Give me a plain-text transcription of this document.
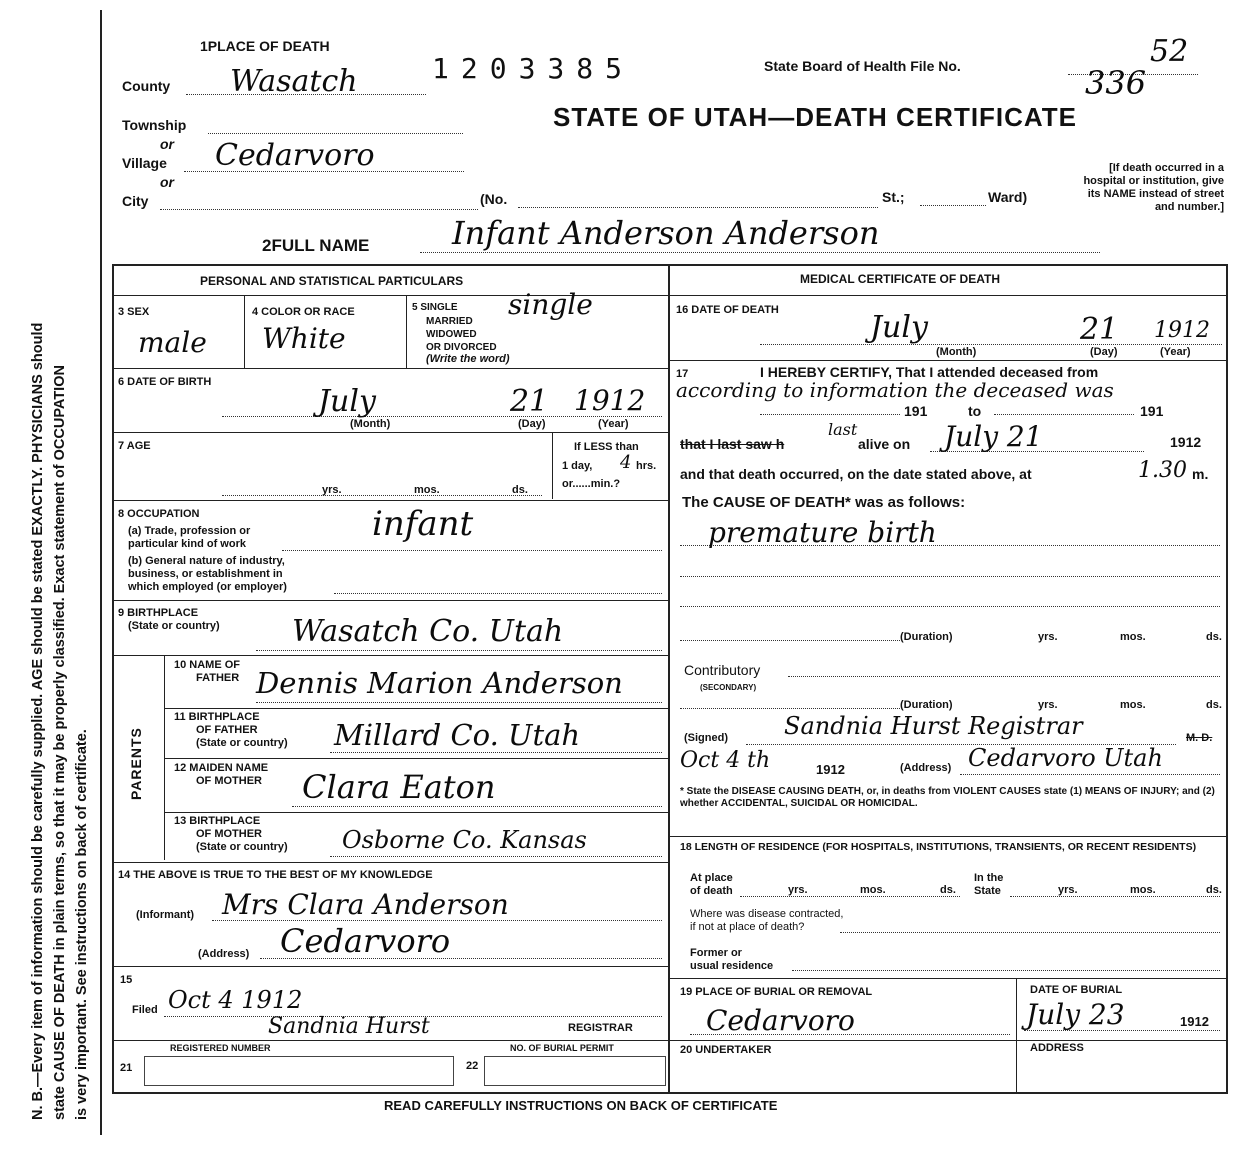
N. B.—Every item of information should be carefully supplied. AGE should be stated EXACTLY. PHYSICIANS should state CAUSE OF DEATH in plain terms, so that it may be properly classified. Exact statement of OCCUPATION is very important. See instructions on back of certificate.
1PLACE OF DEATH
County Wasatch	1203385	State Board of Health File No.	52
336
Township
or
STATE OF UTAH—DEATH CERTIFICATE
Village Cedarvoro
or
[If death occurred in a hospital or institution, give its NAME instead of street and number.]
City	(No.	St.;	Ward)
2FULL NAME	Infant Anderson Anderson
PERSONAL AND STATISTICAL PARTICULARS
3 SEX
male
4 COLOR OR RACE
White
5 SINGLE
MARRIED
WIDOWED
OR DIVORCED
(Write the word)
single
6 DATE OF BIRTH
July	21 1912
(Month)	(Day)	(Year)
7 AGE
yrs.	mos.	ds.
If LESS than
1 day, 4 hrs.
or......min.?
8 OCCUPATION
(a) Trade, profession or
particular kind of work
(b) General nature of industry,
business, or establishment in
which employed (or employer)
infant
9 BIRTHPLACE
(State or country) Wasatch Co. Utah
PARENTS
10 NAME OF
FATHER Dennis Marion Anderson
11 BIRTHPLACE
OF FATHER
(State or country) Millard Co. Utah
12 MAIDEN NAME
OF MOTHER Clara Eaton
13 BIRTHPLACE
OF MOTHER
(State or country) Osborne Co. Kansas
14 THE ABOVE IS TRUE TO THE BEST OF MY KNOWLEDGE
(Informant) Mrs Clara Anderson
(Address) Cedarvoro
15
Filed Oct 4 1912
Sandnia Hurst	REGISTRAR
REGISTERED NUMBER	NO. OF BURIAL PERMIT
21	22
MEDICAL CERTIFICATE OF DEATH
16 DATE OF DEATH	July	21 1912
(Month)	(Day)	(Year)
17	I HEREBY CERTIFY, That I attended deceased from
according to information the deceased was
191	to	191
that I last saw h
last
alive on July 21	1912
and that death occurred, on the date stated above, at	1.30 m.
The CAUSE OF DEATH* was as follows:
premature birth
(Duration)	yrs.	mos.	ds.
Contributory
(SECONDARY)
(Duration)	yrs.	mos.	ds.
(Signed) Sandnia Hurst Registrar	M. D.
Oct 4 th	1912	(Address) Cedarvoro Utah
* State the DISEASE CAUSING DEATH, or, in deaths from VIOLENT CAUSES state (1) MEANS OF INJURY; and (2) whether ACCIDENTAL, SUICIDAL OR HOMICIDAL.
18 LENGTH OF RESIDENCE (FOR HOSPITALS, INSTITUTIONS, TRANSIENTS, OR RECENT RESIDENTS)
At place
of death	yrs.	mos.	ds.
In the
State	yrs.	mos.	ds.
Where was disease contracted,
if not at place of death?
Former or
usual residence
19 PLACE OF BURIAL OR REMOVAL
Cedarvoro
DATE OF BURIAL
July 23	1912
20 UNDERTAKER	ADDRESS
READ CAREFULLY INSTRUCTIONS ON BACK OF CERTIFICATE
